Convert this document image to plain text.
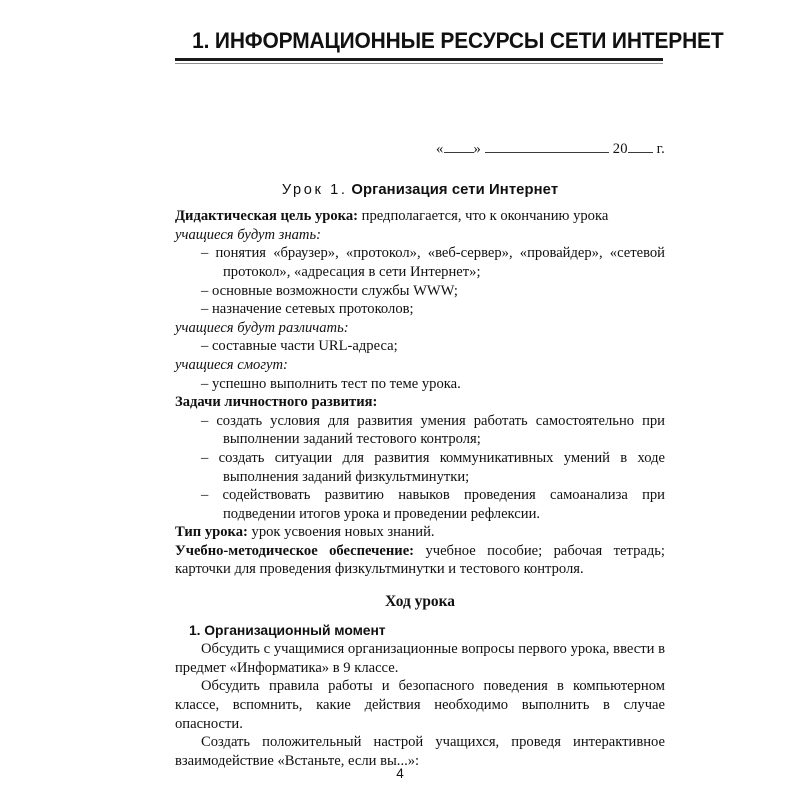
1. ИНФОРМАЦИОННЫЕ РЕСУРСЫ СЕТИ ИНТЕРНЕТ
« »	20 г.
Урок 1. Организация сети Интернет

Дидактическая цель урока: предполагается, что к окончанию урока

учащиеся будут знать:

– понятия «браузер», «протокол», «веб-сервер», «провайдер», «сетевой протокол», «адресация в сети Интернет»;

– основные возможности службы WWW;

– назначение сетевых протоколов;

учащиеся будут различать:

– составные части URL-адреса;

учащиеся смогут:

– успешно выполнить тест по теме урока.

Задачи личностного развития:

– создать условия для развития умения работать самостоятельно при выполнении заданий тестового контроля;

– создать ситуации для развития коммуникативных умений в ходе выполнения заданий физкультминутки;

– содействовать развитию навыков проведения самоанализа при подведении итогов урока и проведении рефлексии.

Тип урока: урок усвоения новых знаний.

Учебно-методическое обеспечение: учебное пособие; рабочая тетрадь; карточки для проведения физкультминутки и тестового контроля.

Ход урока
1. Организационный момент

Обсудить с учащимися организационные вопросы первого урока, ввести в предмет «Информатика» в 9 классе.

Обсудить правила работы и безопасного поведения в компьютерном классе, вспомнить, какие действия необходимо выполнить в случае опасности.

Создать положительный настрой учащихся, проведя интерактивное взаимодействие «Встаньте, если вы...»:

4
